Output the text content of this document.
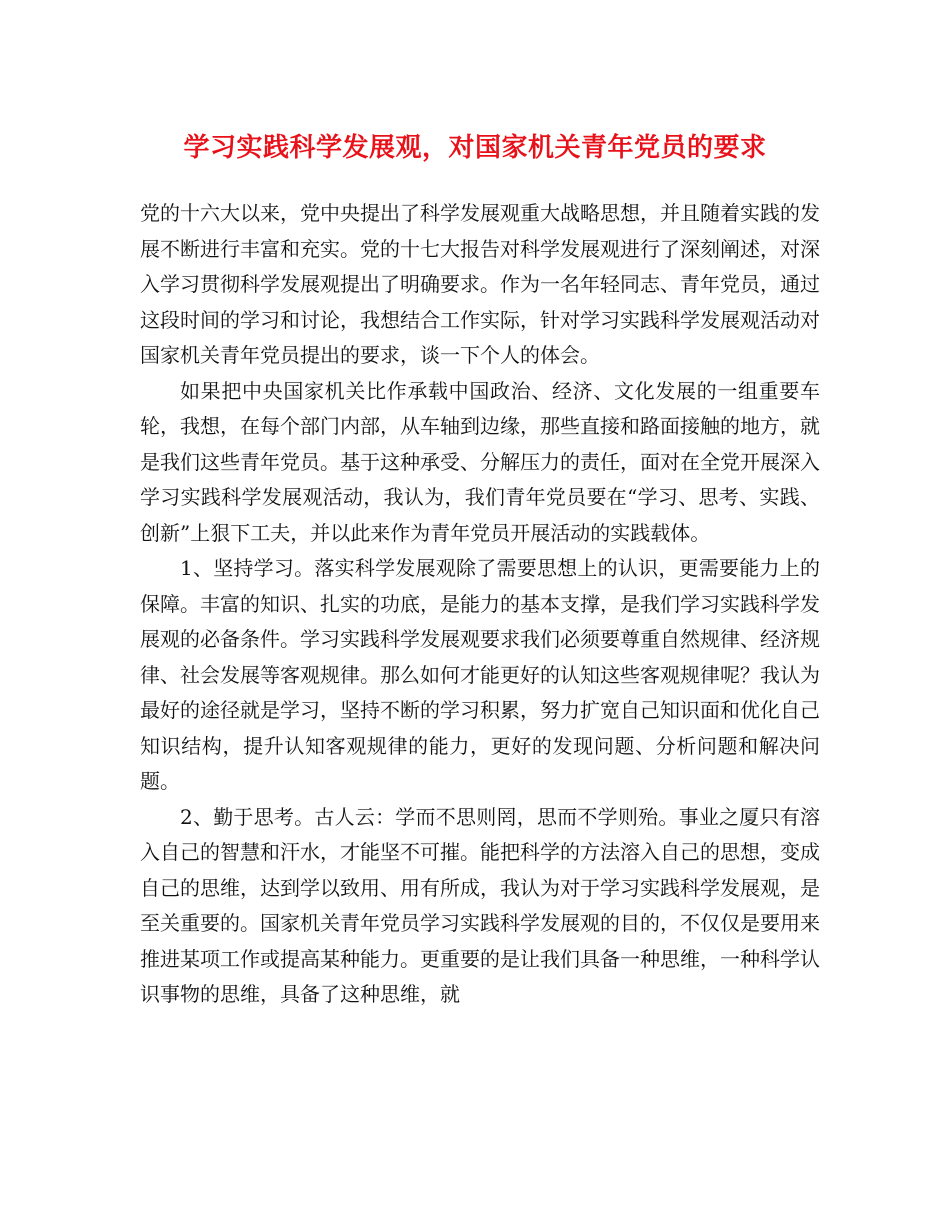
学习实践科学发展观，对国家机关青年党员的要求

党的十六大以来，党中央提出了科学发展观重大战略思想，并且随着实践的发展不断进行丰富和充实。党的十七大报告对科学发展观进行了深刻阐述，对深入学习贯彻科学发展观提出了明确要求。作为一名年轻同志、青年党员，通过这段时间的学习和讨论，我想结合工作实际，针对学习实践科学发展观活动对国家机关青年党员提出的要求，谈一下个人的体会。

如果把中央国家机关比作承载中国政治、经济、文化发展的一组重要车轮，我想，在每个部门内部，从车轴到边缘，那些直接和路面接触的地方，就是我们这些青年党员。基于这种承受、分解压力的责任，面对在全党开展深入学习实践科学发展观活动，我认为，我们青年党员要在“学习、思考、实践、创新”上狠下工夫，并以此来作为青年党员开展活动的实践载体。

1、坚持学习。落实科学发展观除了需要思想上的认识，更需要能力上的保障。丰富的知识、扎实的功底，是能力的基本支撑，是我们学习实践科学发展观的必备条件。学习实践科学发展观要求我们必须要尊重自然规律、经济规律、社会发展等客观规律。那么如何才能更好的认知这些客观规律呢？我认为最好的途径就是学习，坚持不断的学习积累，努力扩宽自己知识面和优化自己知识结构，提升认知客观规律的能力，更好的发现问题、分析问题和解决问题。

2、勤于思考。古人云：学而不思则罔，思而不学则殆。事业之厦只有溶入自己的智慧和汗水，才能坚不可摧。能把科学的方法溶入自己的思想，变成自己的思维，达到学以致用、用有所成，我认为对于学习实践科学发展观，是至关重要的。国家机关青年党员学习实践科学发展观的目的，不仅仅是要用来推进某项工作或提高某种能力。更重要的是让我们具备一种思维，一种科学认识事物的思维，具备了这种思维，就
